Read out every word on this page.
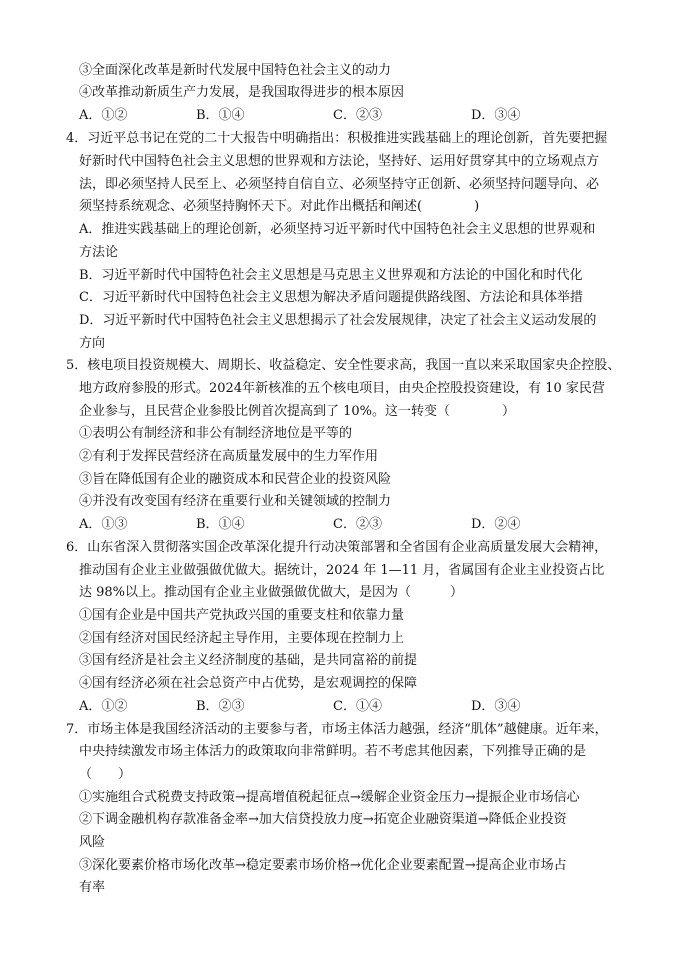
③全面深化改革是新时代发展中国特色社会主义的动力
④改革推动新质生产力发展，是我国取得进步的根本原因
A．①②	B．①④	C．②③	D．③④
4．习近平总书记在党的二十大报告中明确指出：积极推进实践基础上的理论创新，首先要把握
好新时代中国特色社会主义思想的世界观和方法论，坚持好、运用好贯穿其中的立场观点方
法，即必须坚持人民至上、必须坚持自信自立、必须坚持守正创新、必须坚持问题导向、必
须坚持系统观念、必须坚持胸怀天下。对此作出概括和阐述(　　　　)
A．推进实践基础上的理论创新，必须坚持习近平新时代中国特色社会主义思想的世界观和
方法论
B．习近平新时代中国特色社会主义思想是马克思主义世界观和方法论的中国化和时代化
C．习近平新时代中国特色社会主义思想为解决矛盾问题提供路线图、方法论和具体举措
D．习近平新时代中国特色社会主义思想揭示了社会发展规律，决定了社会主义运动发展的
方向
5．核电项目投资规模大、周期长、收益稳定、安全性要求高，我国一直以来采取国家央企控股、
地方政府参股的形式。2024年新核准的五个核电项目，由央企控股投资建设，有 10 家民营
企业参与，且民营企业参股比例首次提高到了 10%。这一转变（　　　　）
①表明公有制经济和非公有制经济地位是平等的
②有利于发挥民营经济在高质量发展中的生力军作用
③旨在降低国有企业的融资成本和民营企业的投资风险
④并没有改变国有经济在重要行业和关键领域的控制力
A．①③	B．①④	C．②③	D．②④
6．山东省深入贯彻落实国企改革深化提升行动决策部署和全省国有企业高质量发展大会精神，
推动国有企业主业做强做优做大。据统计，2024 年 1—11 月，省属国有企业主业投资占比
达 98%以上。推动国有企业主业做强做优做大，是因为（　　　）
①国有企业是中国共产党执政兴国的重要支柱和依靠力量
②国有经济对国民经济起主导作用，主要体现在控制力上
③国有经济是社会主义经济制度的基础，是共同富裕的前提
④国有经济必须在社会总资产中占优势，是宏观调控的保障
A．①②	B．②③	C．①④	D．③④
7．市场主体是我国经济活动的主要参与者，市场主体活力越强，经济“肌体”越健康。近年来，
中央持续激发市场主体活力的政策取向非常鲜明。若不考虑其他因素，下列推导正确的是
（　　）
①实施组合式税费支持政策→提高增值税起征点→缓解企业资金压力→提振企业市场信心
②下调金融机构存款准备金率→加大信贷投放力度→拓宽企业融资渠道→降低企业投资
风险
③深化要素价格市场化改革→稳定要素市场价格→优化企业要素配置→提高企业市场占
有率
